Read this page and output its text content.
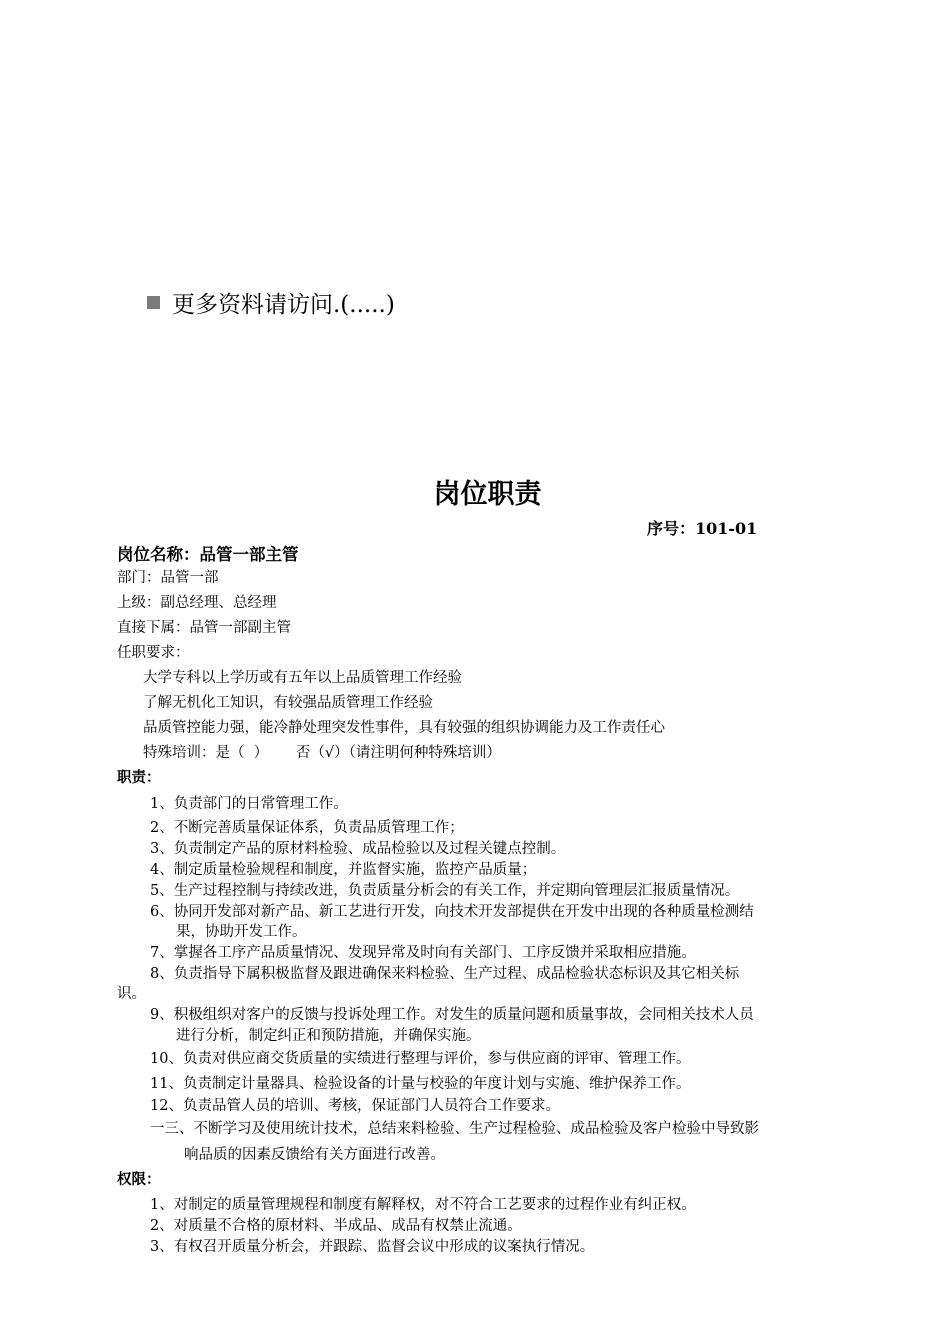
更多资料请访问.(.....)
岗位职责
序号：101-01
岗位名称：品管一部主管
部门：品管一部
上级：副总经理、总经理
直接下属：品管一部副主管
任职要求：
大学专科以上学历或有五年以上品质管理工作经验
了解无机化工知识，有较强品质管理工作经验
品质管控能力强，能冷静处理突发性事件，具有较强的组织协调能力及工作责任心
特殊培训：是（  ）      否（√）（请注明何种特殊培训）
职责：
1、负责部门的日常管理工作。
2、不断完善质量保证体系，负责品质管理工作；
3、负责制定产品的原材料检验、成品检验以及过程关键点控制。
4、制定质量检验规程和制度，并监督实施，监控产品质量；
5、生产过程控制与持续改进，负责质量分析会的有关工作，并定期向管理层汇报质量情况。
6、协同开发部对新产品、新工艺进行开发，向技术开发部提供在开发中出现的各种质量检测结
果，协助开发工作。
7、掌握各工序产品质量情况、发现异常及时向有关部门、工序反馈并采取相应措施。
8、负责指导下属积极监督及跟进确保来料检验、生产过程、成品检验状态标识及其它相关标
识。
9、积极组织对客户的反馈与投诉处理工作。对发生的质量问题和质量事故，会同相关技术人员
进行分析，制定纠正和预防措施，并确保实施。
10、负责对供应商交货质量的实绩进行整理与评价，参与供应商的评审、管理工作。
11、负责制定计量器具、检验设备的计量与校验的年度计划与实施、维护保养工作。
12、负责品管人员的培训、考核，保证部门人员符合工作要求。
一三、不断学习及使用统计技术，总结来料检验、生产过程检验、成品检验及客户检验中导致影
响品质的因素反馈给有关方面进行改善。
权限：
1、对制定的质量管理规程和制度有解释权，对不符合工艺要求的过程作业有纠正权。
2、对质量不合格的原材料、半成品、成品有权禁止流通。
3、有权召开质量分析会，并跟踪、监督会议中形成的议案执行情况。
